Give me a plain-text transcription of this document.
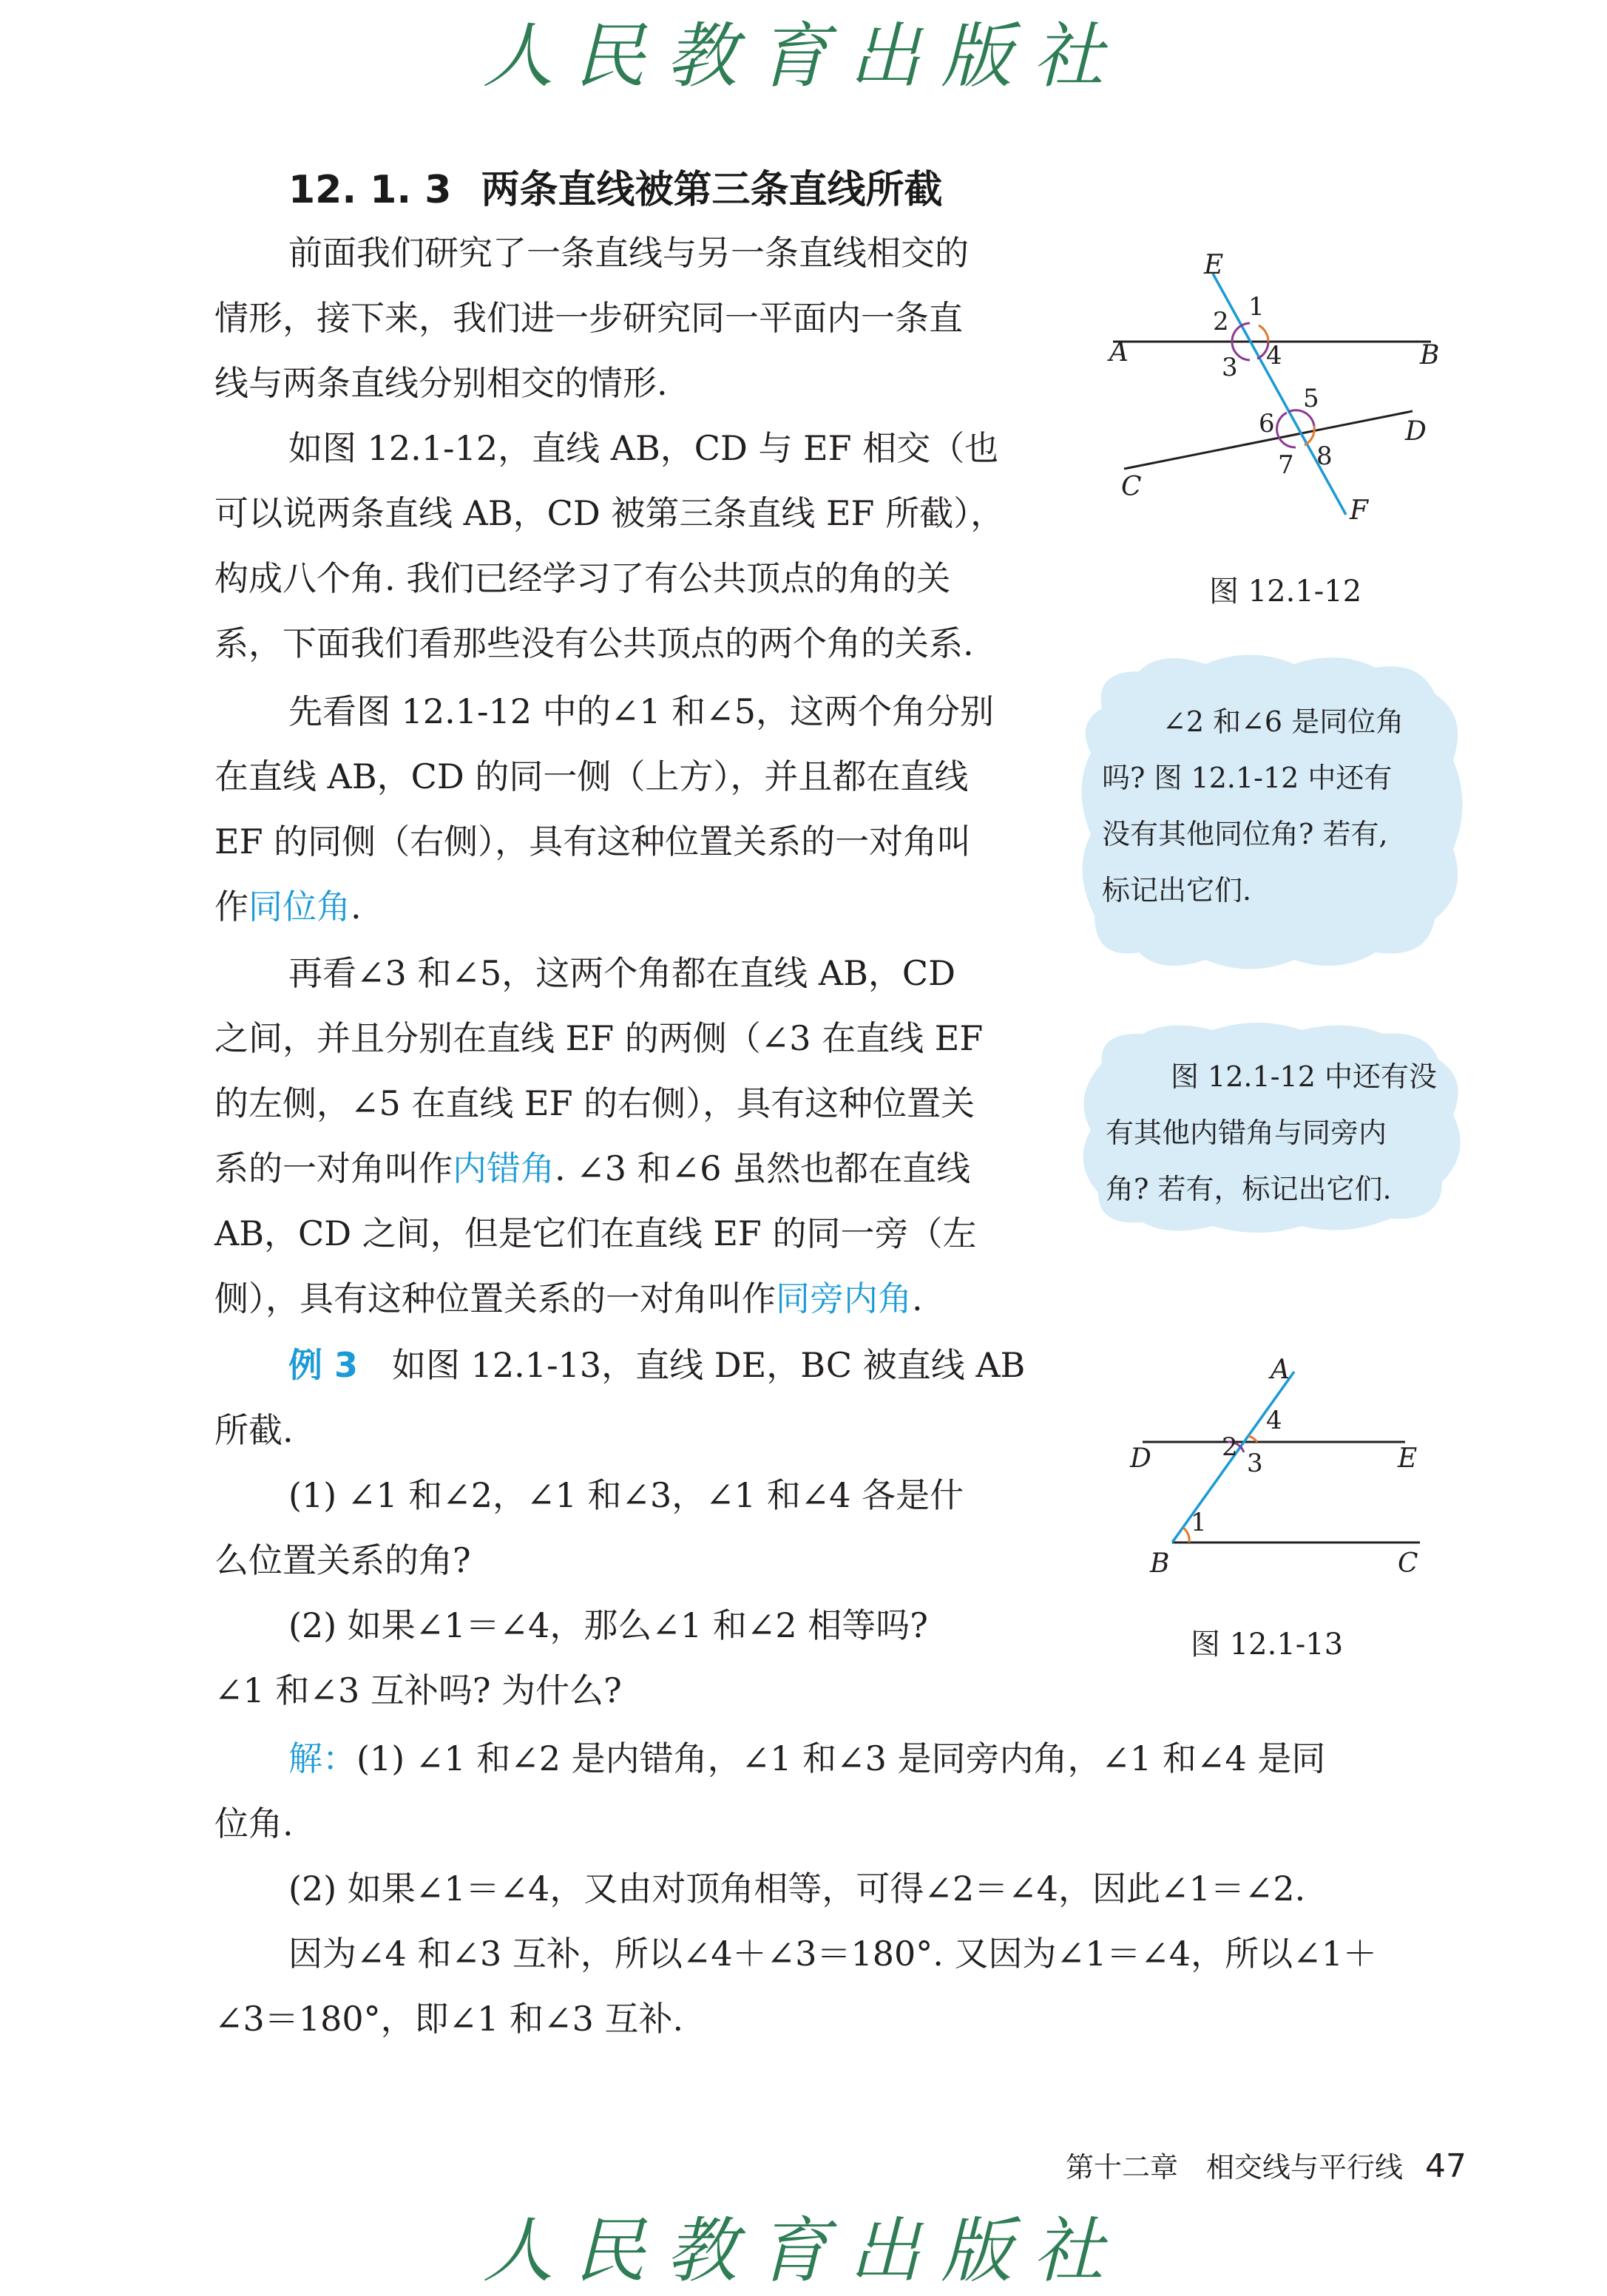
人民教育出版社
人民教育出版社
12. 1. 3 两条直线被第三条直线所截
前面我们研究了一条直线与另一条直线相交的
情形，接下来，我们进一步研究同一平面内一条直
线与两条直线分别相交的情形.
如图 12.1-12，直线 AB，CD 与 EF 相交（也
可以说两条直线 AB，CD 被第三条直线 EF 所截），
构成八个角. 我们已经学习了有公共顶点的角的关
系，下面我们看那些没有公共顶点的两个角的关系.
先看图 12.1-12 中的∠1 和∠5，这两个角分别
在直线 AB，CD 的同一侧（上方），并且都在直线
EF 的同侧（右侧），具有这种位置关系的一对角叫
作同位角.
再看∠3 和∠5，这两个角都在直线 AB，CD
之间，并且分别在直线 EF 的两侧（∠3 在直线 EF
的左侧，∠5 在直线 EF 的右侧），具有这种位置关
系的一对角叫作内错角. ∠3 和∠6 虽然也都在直线
AB，CD 之间，但是它们在直线 EF 的同一旁（左
侧），具有这种位置关系的一对角叫作同旁内角.
例 3　 如图 12.1-13，直线 DE，BC 被直线 AB
所截.
(1) ∠1 和∠2，∠1 和∠3，∠1 和∠4 各是什
么位置关系的角?
(2) 如果∠1＝∠4，那么∠1 和∠2 相等吗?
∠1 和∠3 互补吗? 为什么?
解：(1) ∠1 和∠2 是内错角，∠1 和∠3 是同旁内角，∠1 和∠4 是同
位角.
(2) 如果∠1＝∠4，又由对顶角相等，可得∠2＝∠4，因此∠1＝∠2.
因为∠4 和∠3 互补，所以∠4＋∠3＝180°. 又因为∠1＝∠4，所以∠1＋
∠3＝180°，即∠1 和∠3 互补.
E
A	B
D
C
F
1
2
3 4
5
6
7 8
图 12.1-12
∠2 和∠6 是同位角
吗? 图 12.1-12 中还有
没有其他同位角? 若有,
标记出它们.
图 12.1-12 中还有没
有其他内错角与同旁内
角? 若有，标记出它们.
A
D	E
B	C
4
2
3
1
图 12.1-13
第十二章　相交线与平行线 47
